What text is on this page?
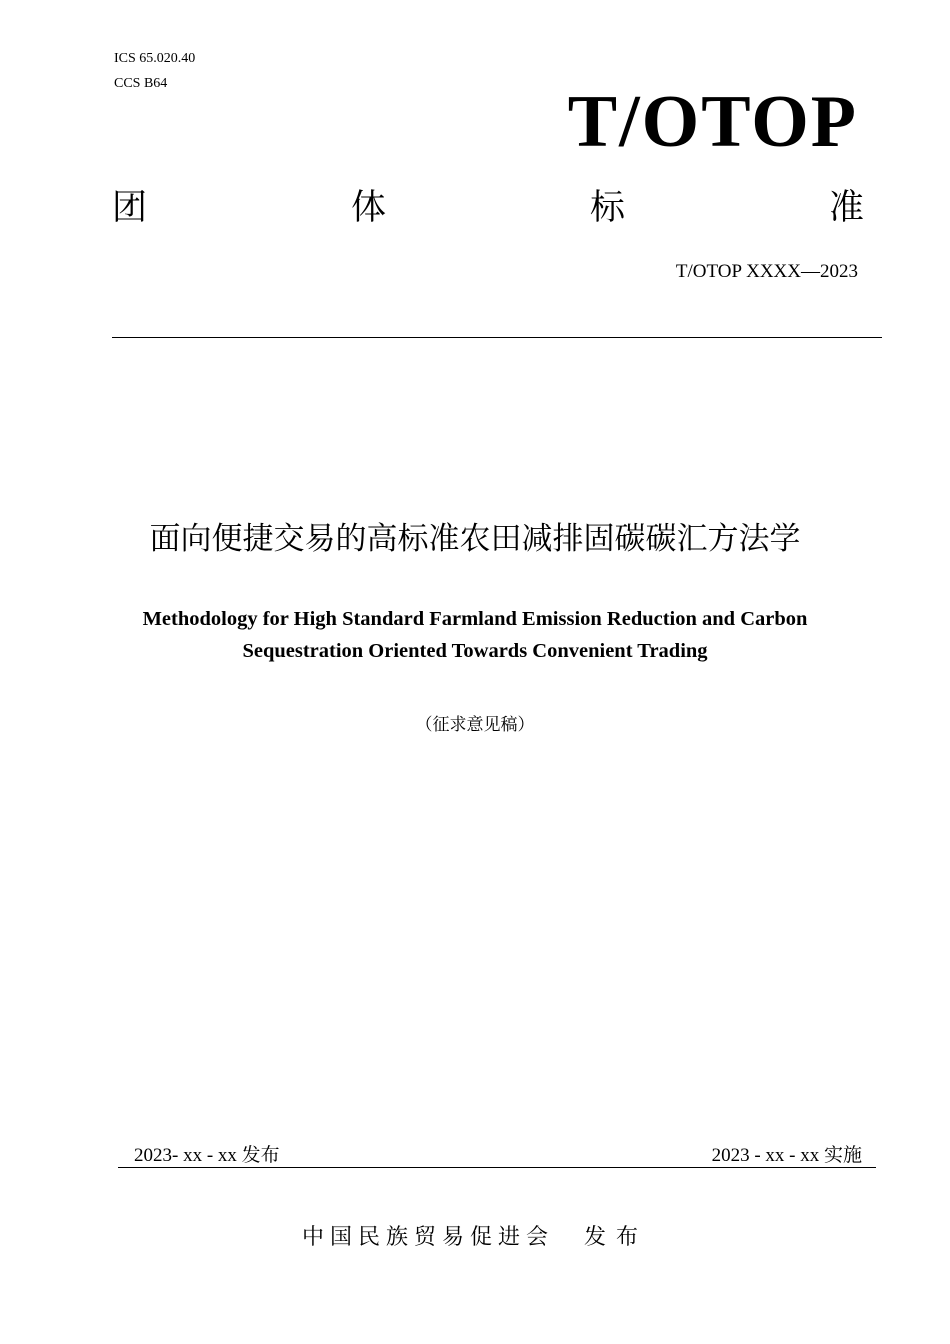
ICS 65.020.40
CCS B64	T/OTOP
团	体	标	准
T/OTOP XXXX—2023
面向便捷交易的高标准农田减排固碳碳汇方法学
Methodology for High Standard Farmland Emission Reduction and Carbon
Sequestration Oriented Towards Convenient Trading
（征求意见稿）
2023- xx - xx 发布	2023 - xx - xx 实施
中国民族贸易促进会 发布
